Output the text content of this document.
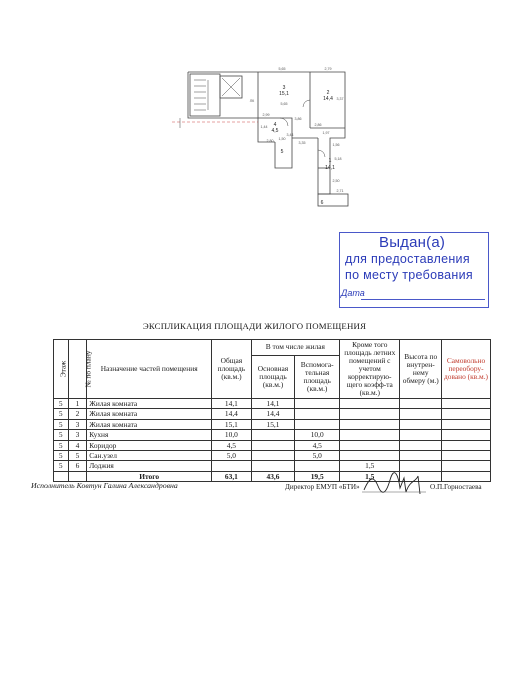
3
15,1	2
14,4
4
4,5
5
1
14,1
6
5,65	2,79
5,65
3,37
2,99
3,86
1,56
2,86
2,50
2,71
2,80 1,50
1,44
3,44
3,35
1,97
5,18
ЛК
Выдан(а)
для предоставления
по месту требования
Дата
ЭКСПЛИКАЦИЯ ПЛОЩАДИ ЖИЛОГО ПОМЕЩЕНИЯ
Этаж	№ по плану	Назначение частей помещения	Общая площадь (кв.м.)	В том числе жилая		Кроме того площадь летних помещений с учетом корректирую-щего коэфф-та (кв.м.)	Высота по внутрен-нему обмеру (м.)	Самовольно переобору-довано (кв.м.)
				Основная площадь (кв.м.)	Вспомога-тельная площадь (кв.м.)			
5	1	Жилая комната	14,1	14,1				
5	2	Жилая комната	14,4	14,4				
5	3	Жилая комната	15,1	15,1				
5	3	Кухня	10,0		10,0			
5	4	Коридор	4,5		4,5			
5	5	Сан.узел	5,0		5,0			
5	6	Лоджия				1,5		
		Итого	63,1	43,6	19,5	1,5		
Исполнитель Ковтун Галина Александровна	Директор ЕМУП «БТИ»	О.П.Горностаева
